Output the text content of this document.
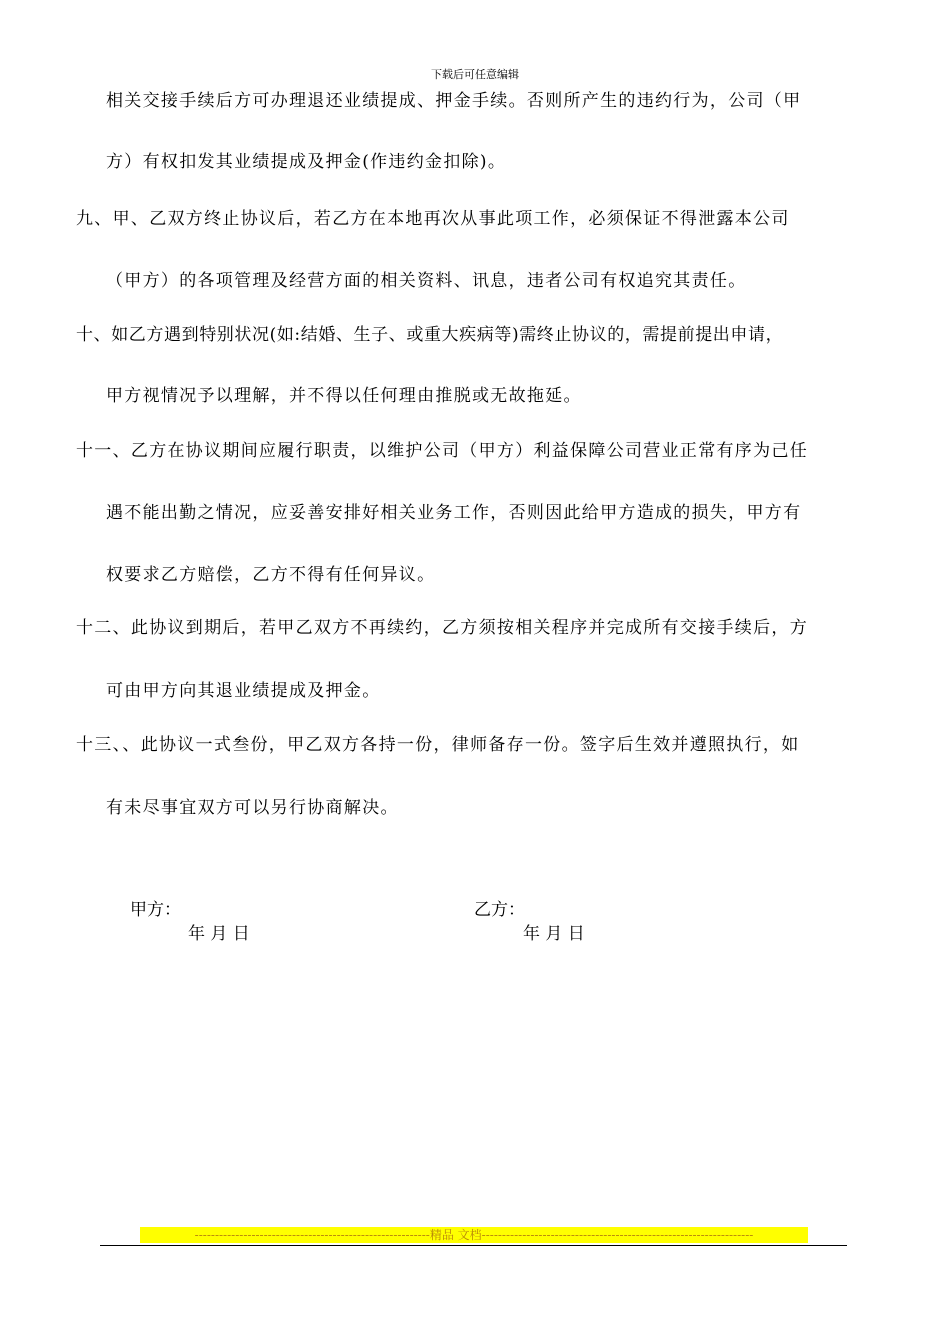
下载后可任意编辑
相关交接手续后方可办理退还业绩提成、押金手续。否则所产生的违约行为，公司（甲
方）有权扣发其业绩提成及押金(作违约金扣除)。
九、甲、乙双方终止协议后，若乙方在本地再次从事此项工作，必须保证不得泄露本公司
（甲方）的各项管理及经营方面的相关资料、讯息，违者公司有权追究其责任。
十、如乙方遇到特别状况(如:结婚、生子、或重大疾病等)需终止协议的，需提前提出申请，
甲方视情况予以理解，并不得以任何理由推脱或无故拖延。
十一、乙方在协议期间应履行职责，以维护公司（甲方）利益保障公司营业正常有序为己任
遇不能出勤之情况，应妥善安排好相关业务工作，否则因此给甲方造成的损失，甲方有
权要求乙方赔偿，乙方不得有任何异议。
十二、此协议到期后，若甲乙双方不再续约，乙方须按相关程序并完成所有交接手续后，方
可由甲方向其退业绩提成及押金。
十三、、此协议一式叁份，甲乙双方各持一份，律师备存一份。签字后生效并遵照执行，如
有未尽事宜双方可以另行协商解决。
甲方：
年 月 日
乙方：
年 月 日
----------------------------------------------------------精品 文档-------------------------------------------------------------------
